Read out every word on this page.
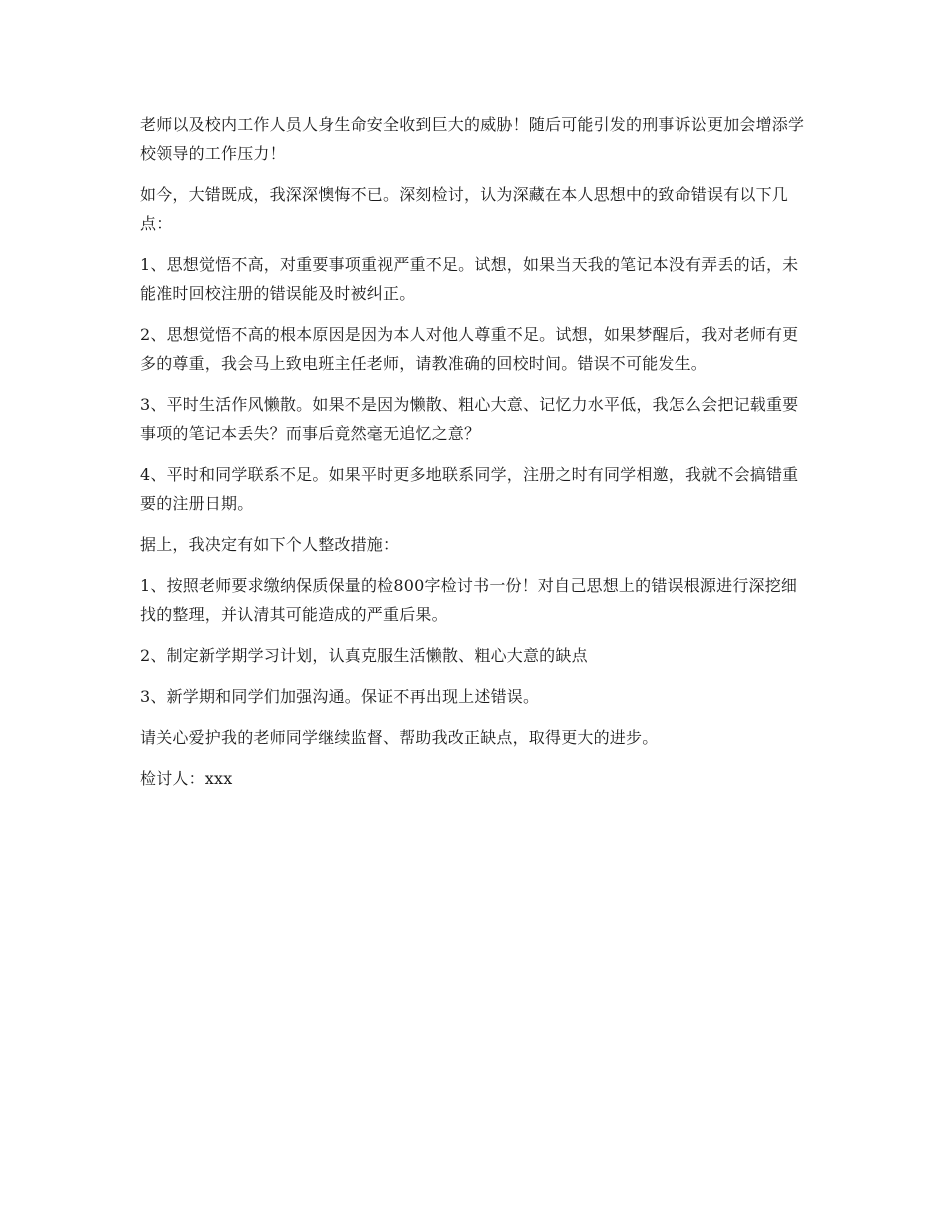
老师以及校内工作人员人身生命安全收到巨大的威胁！随后可能引发的刑事诉讼更加会增添学校领导的工作压力！

如今，大错既成，我深深懊悔不已。深刻检讨，认为深藏在本人思想中的致命错误有以下几点：

1、思想觉悟不高，对重要事项重视严重不足。试想，如果当天我的笔记本没有弄丢的话，未能准时回校注册的错误能及时被纠正。

2、思想觉悟不高的根本原因是因为本人对他人尊重不足。试想，如果梦醒后，我对老师有更多的尊重，我会马上致电班主任老师，请教准确的回校时间。错误不可能发生。

3、平时生活作风懒散。如果不是因为懒散、粗心大意、记忆力水平低，我怎么会把记载重要事项的笔记本丢失？而事后竟然毫无追忆之意？

4、平时和同学联系不足。如果平时更多地联系同学，注册之时有同学相邀，我就不会搞错重要的注册日期。

据上，我决定有如下个人整改措施：

1、按照老师要求缴纳保质保量的检800字检讨书一份！对自己思想上的错误根源进行深挖细找的整理，并认清其可能造成的严重后果。

2、制定新学期学习计划，认真克服生活懒散、粗心大意的缺点

3、新学期和同学们加强沟通。保证不再出现上述错误。

请关心爱护我的老师同学继续监督、帮助我改正缺点，取得更大的进步。

检讨人：xxx
